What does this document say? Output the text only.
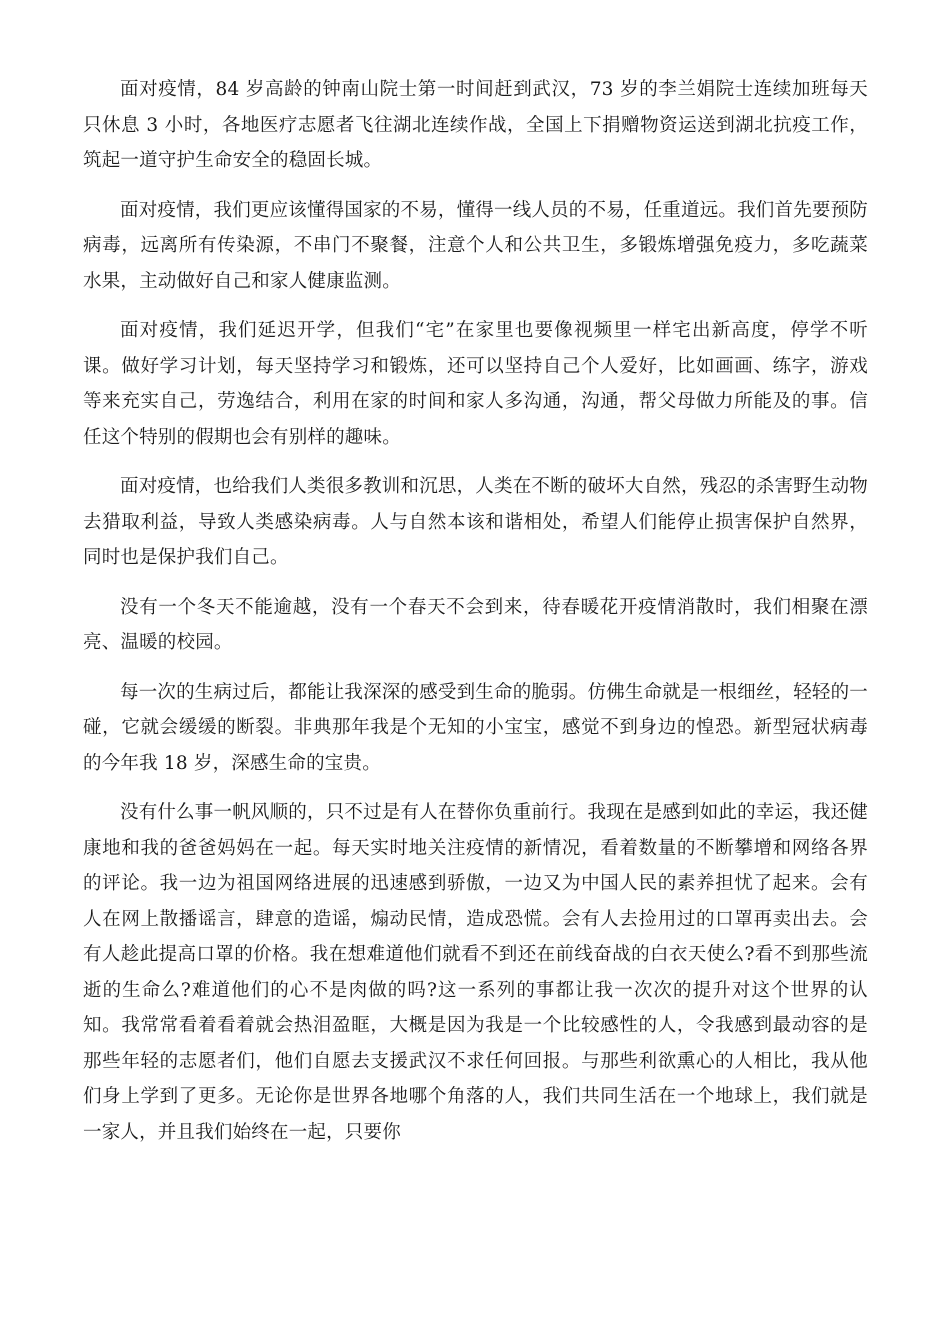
面对疫情，84 岁高龄的钟南山院士第一时间赶到武汉，73 岁的李兰娟院士连续加班每天只休息 3 小时，各地医疗志愿者飞往湖北连续作战，全国上下捐赠物资运送到湖北抗疫工作，筑起一道守护生命安全的稳固长城。

面对疫情，我们更应该懂得国家的不易，懂得一线人员的不易，任重道远。我们首先要预防病毒，远离所有传染源，不串门不聚餐，注意个人和公共卫生，多锻炼增强免疫力，多吃蔬菜水果，主动做好自己和家人健康监测。

面对疫情，我们延迟开学，但我们“宅”在家里也要像视频里一样宅出新高度，停学不听课。做好学习计划，每天坚持学习和锻炼，还可以坚持自己个人爱好，比如画画、练字，游戏等来充实自己，劳逸结合，利用在家的时间和家人多沟通，沟通，帮父母做力所能及的事。信任这个特别的假期也会有别样的趣味。

面对疫情，也给我们人类很多教训和沉思，人类在不断的破坏大自然，残忍的杀害野生动物去猎取利益，导致人类感染病毒。人与自然本该和谐相处，希望人们能停止损害保护自然界，同时也是保护我们自己。

没有一个冬天不能逾越，没有一个春天不会到来，待春暖花开疫情消散时，我们相聚在漂亮、温暖的校园。

每一次的生病过后，都能让我深深的感受到生命的脆弱。仿佛生命就是一根细丝，轻轻的一碰，它就会缓缓的断裂。非典那年我是个无知的小宝宝，感觉不到身边的惶恐。新型冠状病毒的今年我 18 岁，深感生命的宝贵。

没有什么事一帆风顺的，只不过是有人在替你负重前行。我现在是感到如此的幸运，我还健康地和我的爸爸妈妈在一起。每天实时地关注疫情的新情况，看着数量的不断攀增和网络各界的评论。我一边为祖国网络进展的迅速感到骄傲，一边又为中国人民的素养担忧了起来。会有人在网上散播谣言，肆意的造谣，煽动民情，造成恐慌。会有人去捡用过的口罩再卖出去。会有人趁此提高口罩的价格。我在想难道他们就看不到还在前线奋战的白衣天使么?看不到那些流逝的生命么?难道他们的心不是肉做的吗?这一系列的事都让我一次次的提升对这个世界的认知。我常常看着看着就会热泪盈眶，大概是因为我是一个比较感性的人，令我感到最动容的是那些年轻的志愿者们，他们自愿去支援武汉不求任何回报。与那些利欲熏心的人相比，我从他们身上学到了更多。无论你是世界各地哪个角落的人，我们共同生活在一个地球上，我们就是一家人，并且我们始终在一起，只要你
